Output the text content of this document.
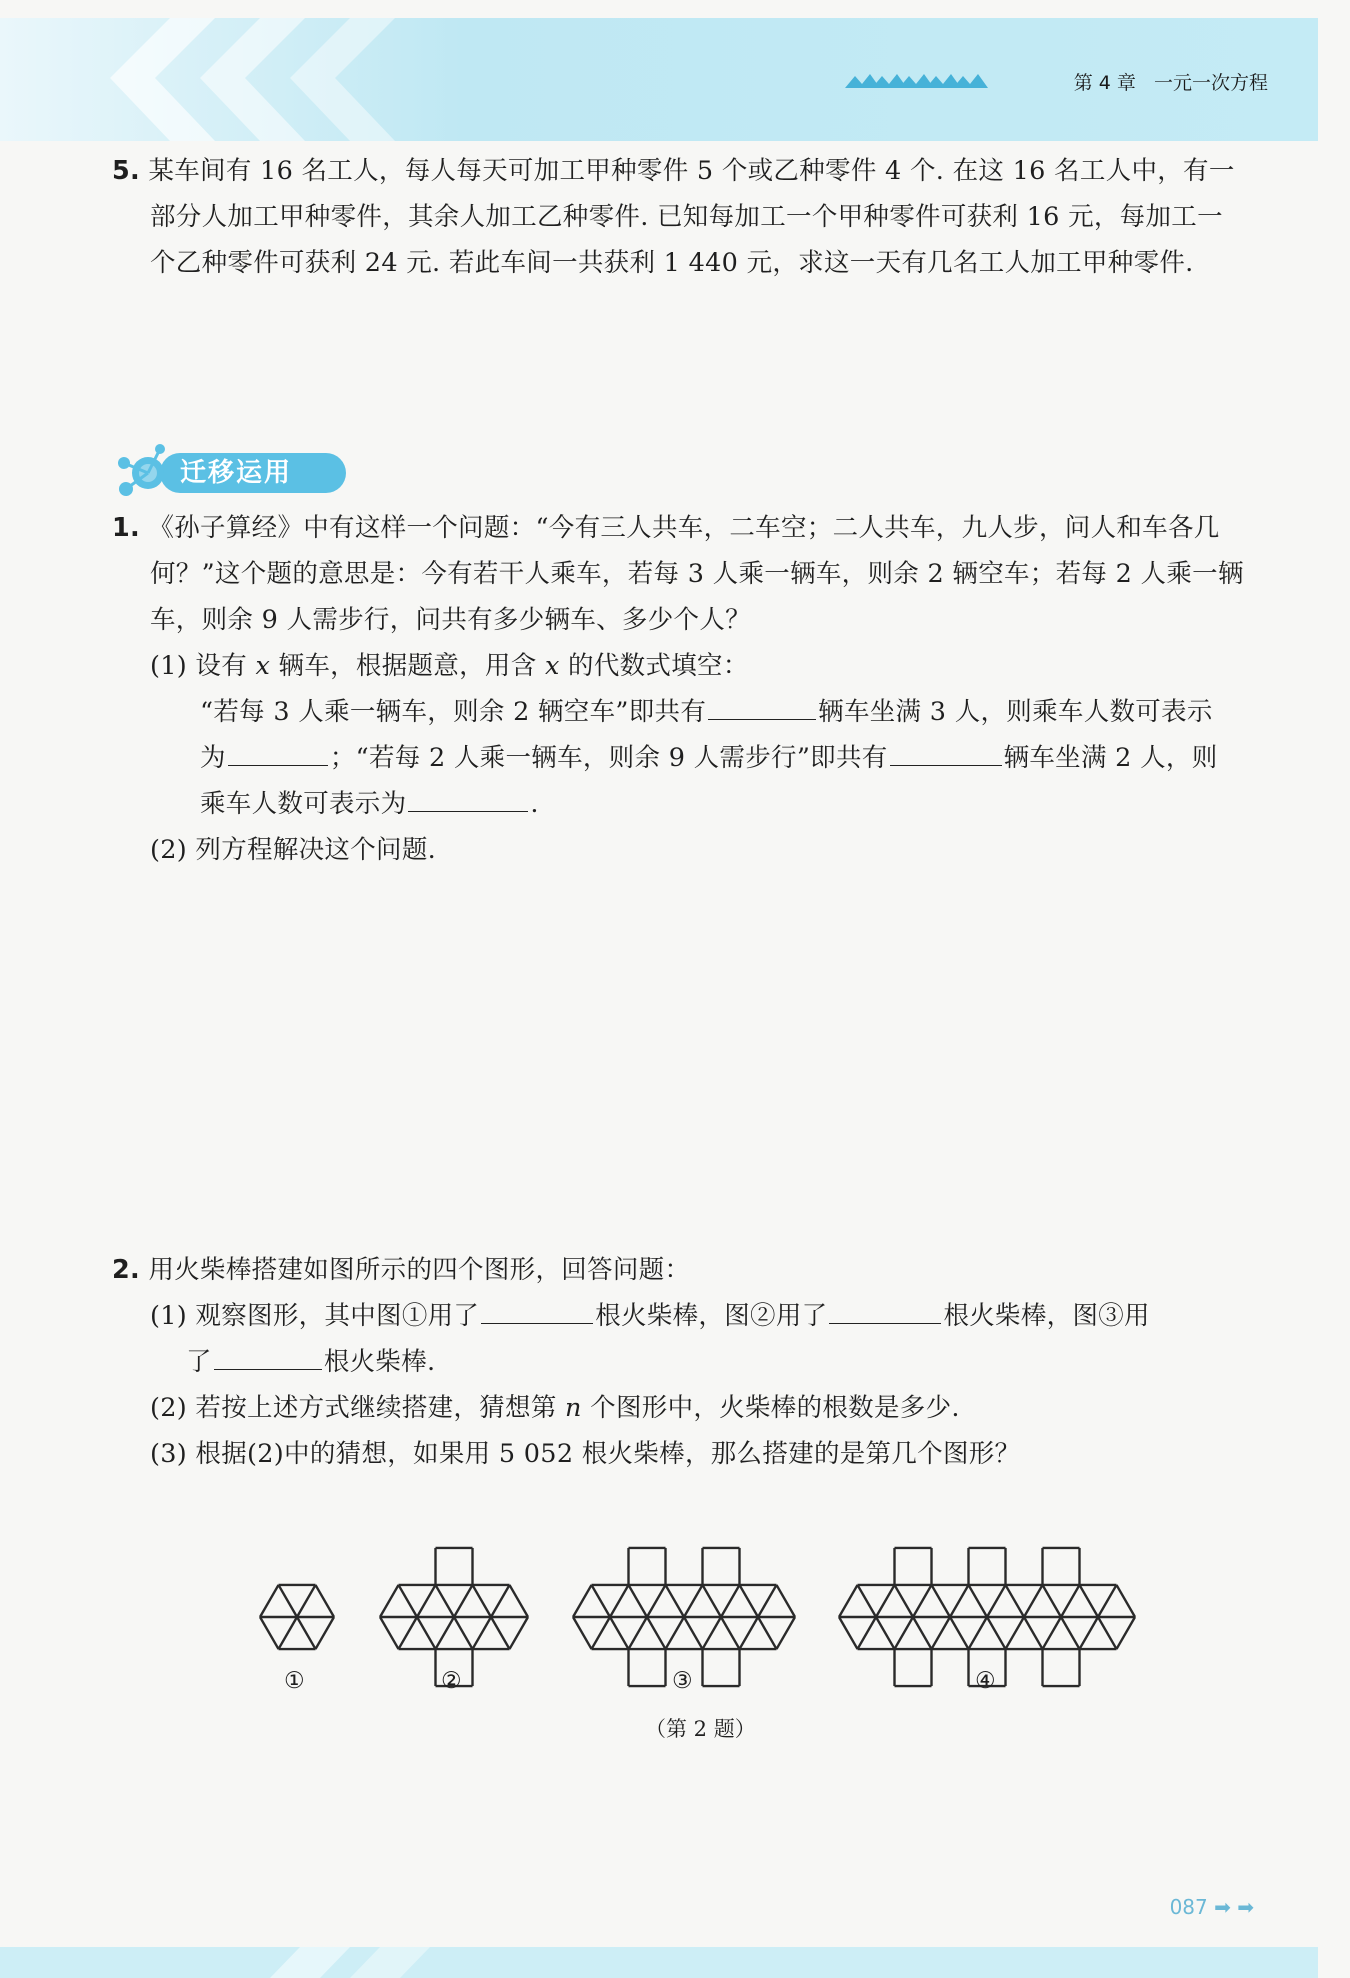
第 4 章 一元一次方程
5. 某车间有 16 名工人，每人每天可加工甲种零件 5 个或乙种零件 4 个. 在这 16 名工人中，有一
部分人加工甲种零件，其余人加工乙种零件. 已知每加工一个甲种零件可获利 16 元，每加工一
个乙种零件可获利 24 元. 若此车间一共获利 1 440 元，求这一天有几名工人加工甲种零件.
迁移运用
1. 《孙子算经》中有这样一个问题：“今有三人共车，二车空；二人共车，九人步，问人和车各几
何？”这个题的意思是：今有若干人乘车，若每 3 人乘一辆车，则余 2 辆空车；若每 2 人乘一辆
车，则余 9 人需步行，问共有多少辆车、多少个人？
(1) 设有 x 辆车，根据题意，用含 x 的代数式填空：
“若每 3 人乘一辆车，则余 2 辆空车”即共有	辆车坐满 3 人，则乘车人数可表示
为	；“若每 2 人乘一辆车，则余 9 人需步行”即共有	辆车坐满 2 人，则
乘车人数可表示为	.
(2) 列方程解决这个问题.
2. 用火柴棒搭建如图所示的四个图形，回答问题：
(1) 观察图形，其中图①用了	根火柴棒，图②用了	根火柴棒，图③用
了	根火柴棒.
(2) 若按上述方式继续搭建，猜想第 n 个图形中，火柴棒的根数是多少.
(3) 根据(2)中的猜想，如果用 5 052 根火柴棒，那么搭建的是第几个图形？
①	②	③	④
（第 2 题）
087 ➡ ➡
